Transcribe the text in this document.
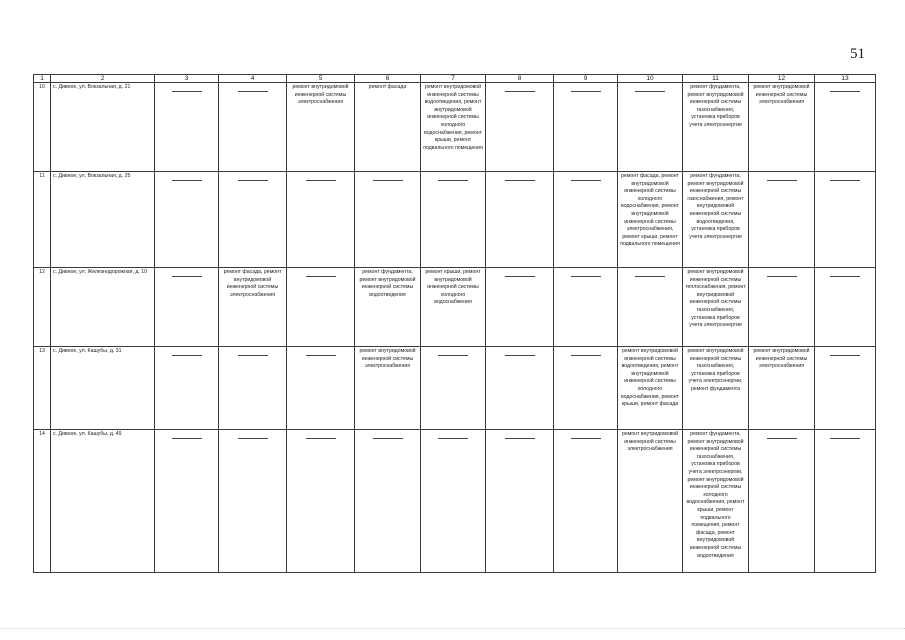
51
1	2	3	4	5	6	7	8	9	10	11	12	13
10	с. Дивное, ул. Вокзальная, д. 21			ремонт внутридомовой инженерной системы электроснабжения	ремонт фасада	ремонт внутридомовой инженерной системы водоотведения, ремонт внутридомовой инженерной системы холодного водоснабжения, ремонт крыши, ремонт подвального помещения				ремонт фундамента, ремонт внутридомовой инженерной системы газоснабжения, установка приборов учета электроэнергии	ремонт внутридомовой инженерной системы электроснабжения	

11	с. Дивное, ул. Вокзальная, д. 25								ремонт фасада, ремонт внутридомовой инженерной системы холодного водоснабжения, ремонт внутридомовой инженерной системы электроснабжения, ремонт крыши, ремонт подвального помещения	ремонт фундамента, ремонт внутридомовой инженерной системы газоснабжения, ремонт внутридомовой инженерной системы водоотведения, установка приборов учета электроэнергии	

12	с. Дивное, ул. Железнодорожная, д. 10		ремонт фасада, ремонт внутридомовой инженерной системы электроснабжения		ремонт фундамента, ремонт внутридомовой инженерной системы водоотведения	ремонт крыши, ремонт внутридомовой инженерной системы холодного водоснабжения				ремонт внутридомовой инженерной системы теплоснабжения, ремонт внутридомовой инженерной системы газоснабжения, установка приборов учета электроэнергии	

13	с. Дивное, ул. Кашубы, д. 31				ремонт внутридомовой инженерной системы электроснабжения				ремонт внутридомовой инженерной системы водоотведения, ремонт внутридомовой инженерной системы холодного водоснабжения, ремонт крыши, ремонт фасада	ремонт внутридомовой инженерной системы газоснабжения, установка приборов учета электроэнергии, ремонт фундамента	ремонт внутридомовой инженерной системы электроснабжения	

14	с. Дивное, ул. Кашубы, д. 49								ремонт внутридомовой инженерной системы электроснабжения	ремонт фундамента, ремонт внутридомовой инженерной системы газоснабжения, установка приборов учета электроэнергии, ремонт внутридомовой инженерной системы холодного водоснабжения, ремонт крыши, ремонт подвального помещения, ремонт фасада, ремонт внутридомовой инженерной системы водоотведения	
